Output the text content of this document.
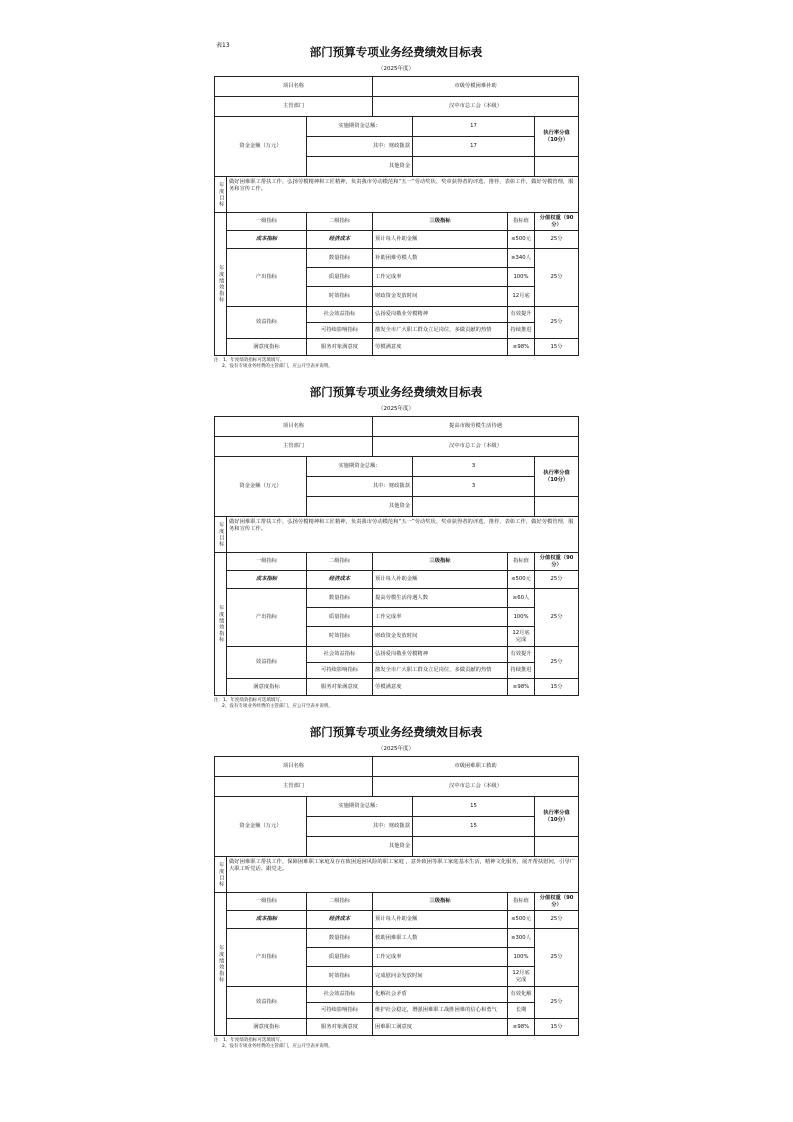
表13	部门预算专项业务经费绩效目标表
（2025年度）
项目名称			市级劳模困难补助			
主管部门			汉中市总工会（本级）			
资金金额（万元）		实施期资金总额：		17		执行率分值（10分）
		其中：财政拨款		17		
		其他资金				
年度目标	做好困难职工帮扶工作，弘扬劳模精神和工匠精神，负责我市劳动模范和“五一”劳动奖状、奖章获得者的评选、推荐、表彰工作，做好劳模管理，服务和宣传工作。					
年度绩效指标	一级指标	二级指标	三级指标		指标值	分值权重（90分）
	成本指标	经济成本	预计每人补助金额		≤500元	25分
	产出指标	数量指标	补助困难劳模人数		≥340人	25分
		质量指标	工作完成率		100%	
		时效指标	财政资金发放时间		12月底	
	效益指标	社会效益指标	弘扬爱岗敬业劳模精神		有效提升	25分
		可持续影响指标	激发全市广大职工群众立足岗位，多做贡献的热情		持续推进	
	满意度指标	服务对象满意度	劳模满意度		≥98%	15分
注：1、年度绩效指标可选填填写。
2、没有专项业务经费的主管部门，应公开空表并说明。
部门预算专项业务经费绩效目标表
（2025年度）
项目名称			提高市级劳模生活待遇			
主管部门			汉中市总工会（本级）			
资金金额（万元）		实施期资金总额：		3		执行率分值（10分）
		其中：财政拨款		3		
		其他资金				
年度目标	做好困难职工帮扶工作，弘扬劳模精神和工匠精神，负责我市劳动模范和“五一”劳动奖状、奖章获得者的评选、推荐、表彰工作，做好劳模管理，服务和宣传工作。					
年度绩效指标	一级指标	二级指标	三级指标		指标值	分值权重（90分）
	成本指标	经济成本	预计每人补助金额		≤500元	25分
	产出指标	数量指标	提高劳模生活待遇人数		≥60人	25分
		质量指标	工作完成率		100%	
		时效指标	财政资金发放时间		12月底完成	
	效益指标	社会效益指标	弘扬爱岗敬业劳模精神		有效提升	25分
		可持续影响指标	激发全市广大职工群众立足岗位，多做贡献的热情		持续推进	
	满意度指标	服务对象满意度	劳模满意度		≥98%	15分
注：1、年度绩效指标可选填填写。
2、没有专项业务经费的主管部门，应公开空表并说明。
部门预算专项业务经费绩效目标表
（2025年度）
项目名称			市级困难职工救助			
主管部门			汉中市总工会（本级）			
资金金额（万元）		实施期资金总额：		15		执行率分值（10分）
		其中：财政拨款		15		
		其他资金				
年度目标	做好困难职工帮扶工作，保障困难职工家庭及存在致困返困风险的职工家庭 ，意外致困等职工家庭基本生活，精神文化服务，展开帮扶慰问，引导广大职工听党话、跟党走。					
年度绩效指标	一级指标	二级指标	三级指标		指标值	分值权重（90分）
	成本指标	经济成本	预计每人补助金额		≤500元	25分
	产出指标	数量指标	救助困难职工人数		≥300人	25分
		质量指标	工作完成率		100%	
		时效指标	完成慰问金发放时间		12月底完成	
	效益指标	社会效益指标	化解社会矛盾		有效化解	25分
		可持续影响指标	维护社会稳定，增强困难职工战胜困难的信心和勇气		长期	
	满意度指标	服务对象满意度	困难职工满意度		≥98%	15分
注：1、年度绩效指标可选填填写。
2、没有专项业务经费的主管部门，应公开空表并说明。
